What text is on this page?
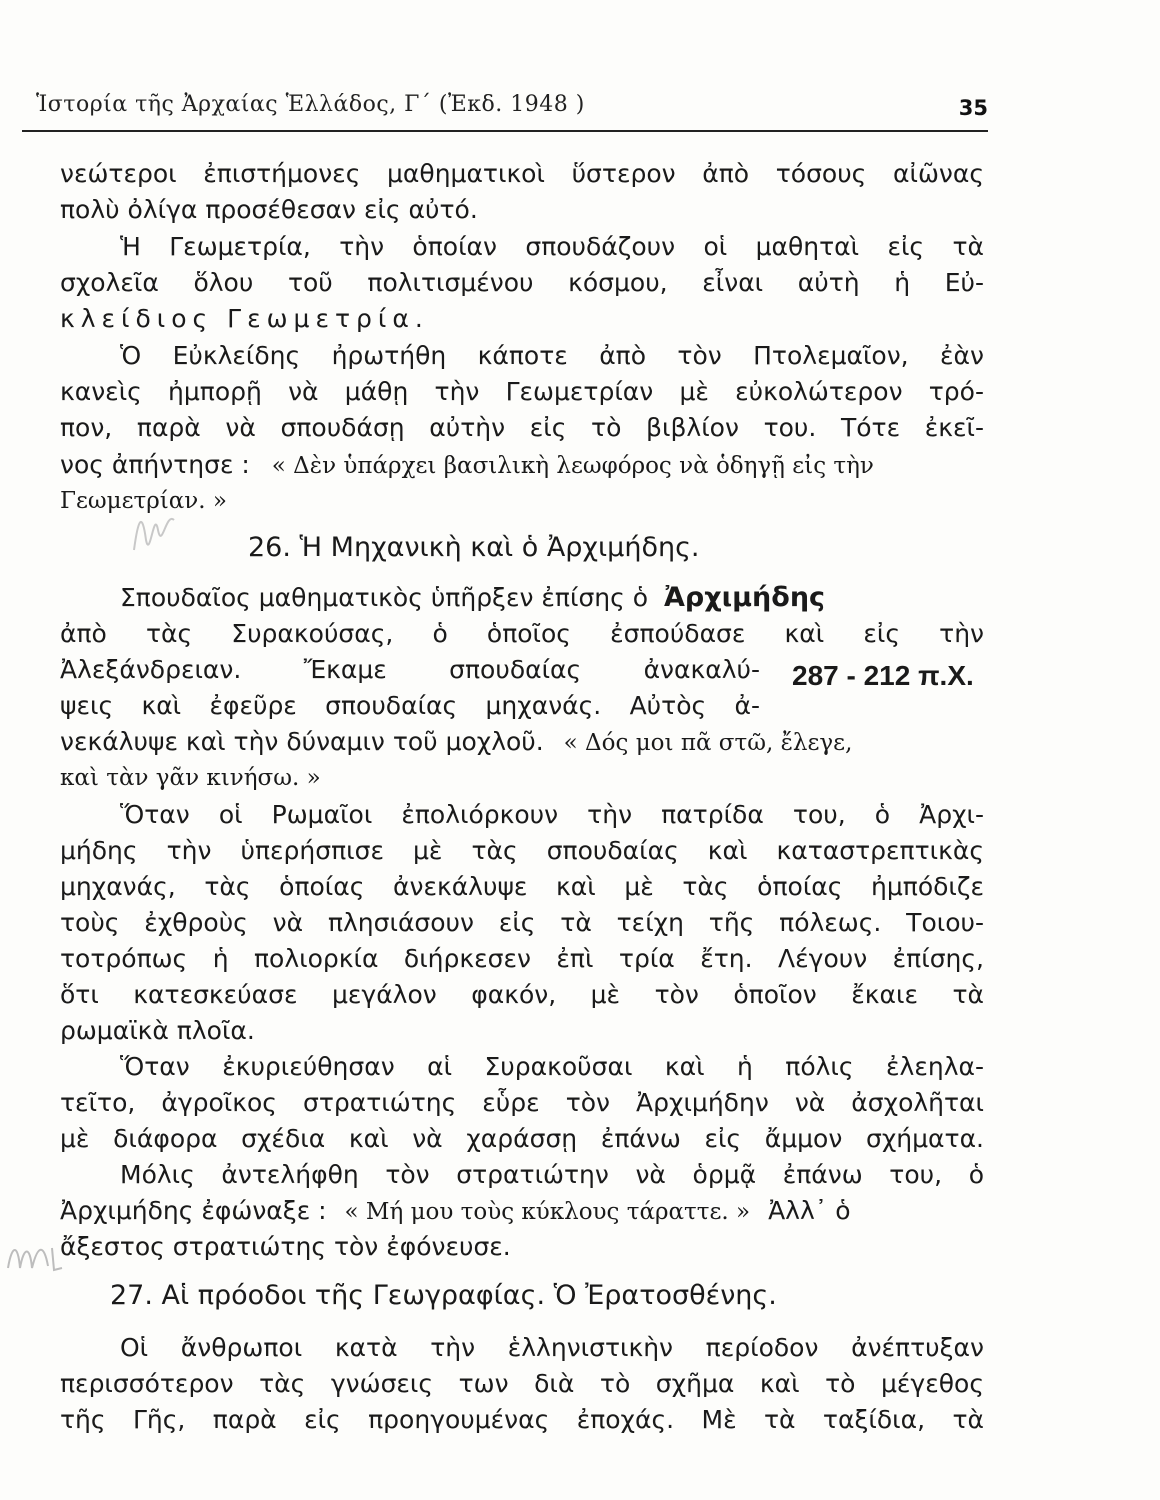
Ἱστορία τῆς Ἀρχαίας Ἑλλάδος, Γ΄ (Ἐκδ. 1948 )	35
νεώτεροι ἐπιστήμονες μαθηματικοὶ ὕστερον ἀπὸ τόσους αἰῶνας
πολὺ ὀλίγα προσέθεσαν εἰς αὐτό.
Ἡ Γεωμετρία, τὴν ὁποίαν σπουδάζουν οἱ μαθηταὶ εἰς τὰ
σχολεῖα ὅλου τοῦ πολιτισμένου κόσμου, εἶναι αὐτὴ ἡ Εὐ-
κλείδιος Γεωμετρία.
Ὁ Εὐκλείδης ἠρωτήθη κάποτε ἀπὸ τὸν Πτολεμαῖον, ἐὰν
κανεὶς ἠμπορῇ νὰ μάθῃ τὴν Γεωμετρίαν μὲ εὐκολώτερον τρό-
πον, παρὰ νὰ σπουδάσῃ αὐτὴν εἰς τὸ βιβλίον του. Τότε ἐκεῖ-
νος ἀπήντησε : « Δὲν ὑπάρχει βασιλικὴ λεωφόρος νὰ ὁδηγῇ εἰς τὴν
Γεωμετρίαν. »
26. Ἡ Μηχανικὴ καὶ ὁ Ἀρχιμήδης.
Σπουδαῖος μαθηματικὸς ὑπῆρξεν ἐπίσης ὁ Ἀρχιμήδης
ἀπὸ τὰς Συρακούσας, ὁ ὁποῖος ἐσπούδασε καὶ εἰς τὴν
Ἀλεξάνδρειαν. Ἔκαμε σπουδαίας ἀνακαλύ-
ψεις καὶ ἐφεῦρε σπουδαίας μηχανάς. Αὐτὸς ἀ-
νεκάλυψε καὶ τὴν δύναμιν τοῦ μοχλοῦ. « Δός μοι πᾶ στῶ, ἔλεγε,
καὶ τὰν γᾶν κινήσω. »
Ὅταν οἱ Ρωμαῖοι ἐπολιόρκουν τὴν πατρίδα του, ὁ Ἀρχι-
μήδης τὴν ὑπερήσπισε μὲ τὰς σπουδαίας καὶ καταστρεπτικὰς
μηχανάς, τὰς ὁποίας ἀνεκάλυψε καὶ μὲ τὰς ὁποίας ἠμπόδιζε
τοὺς ἐχθροὺς νὰ πλησιάσουν εἰς τὰ τείχη τῆς πόλεως. Τοιου-
τοτρόπως ἡ πολιορκία διήρκεσεν ἐπὶ τρία ἔτη. Λέγουν ἐπίσης,
ὅτι κατεσκεύασε μεγάλον φακόν, μὲ τὸν ὁποῖον ἔκαιε τὰ
ρωμαϊκὰ πλοῖα.
Ὅταν ἐκυριεύθησαν αἱ Συρακοῦσαι καὶ ἡ πόλις ἐλεηλα-
τεῖτο, ἀγροῖκος στρατιώτης εὗρε τὸν Ἀρχιμήδην νὰ ἀσχολῆται
μὲ διάφορα σχέδια καὶ νὰ χαράσσῃ ἐπάνω εἰς ἄμμον σχήματα.
Μόλις ἀντελήφθη τὸν στρατιώτην νὰ ὁρμᾷ ἐπάνω του, ὁ
Ἀρχιμήδης ἐφώναξε : « Μή μου τοὺς κύκλους τάραττε. » Ἀλλ᾽ ὁ
ἄξεστος στρατιώτης τὸν ἐφόνευσε.
27. Αἱ πρόοδοι τῆς Γεωγραφίας. Ὁ Ἐρατοσθένης.
Οἱ ἄνθρωποι κατὰ τὴν ἑλληνιστικὴν περίοδον ἀνέπτυξαν
περισσότερον τὰς γνώσεις των διὰ τὸ σχῆμα καὶ τὸ μέγεθος
τῆς Γῆς, παρὰ εἰς προηγουμένας ἐποχάς. Μὲ τὰ ταξίδια, τὰ
287 - 212 π.Χ.
